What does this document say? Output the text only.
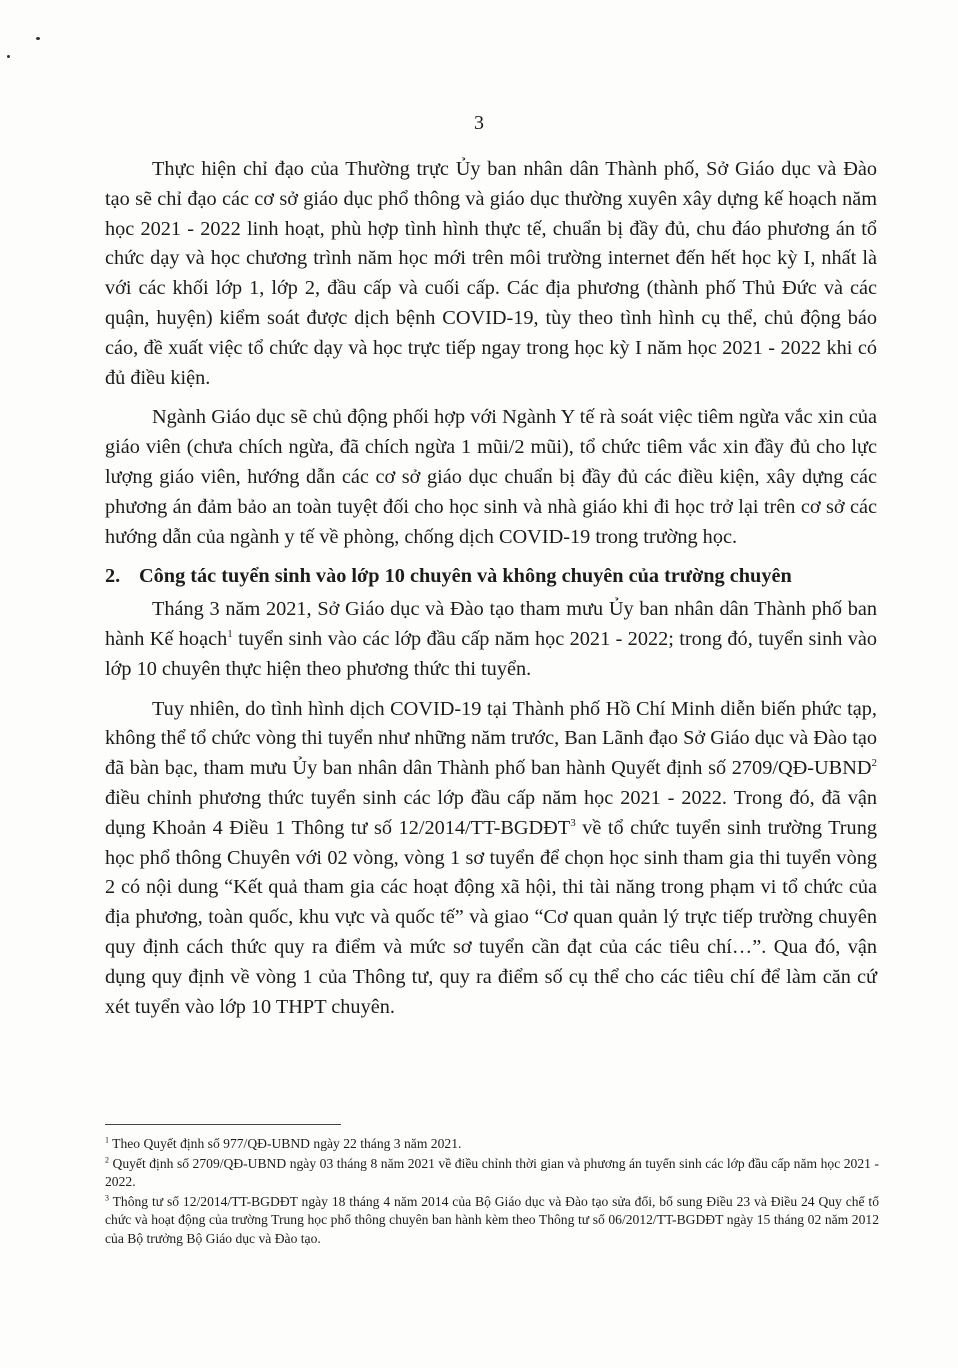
3

Thực hiện chỉ đạo của Thường trực Ủy ban nhân dân Thành phố, Sở Giáo dục và Đào tạo sẽ chỉ đạo các cơ sở giáo dục phổ thông và giáo dục thường xuyên xây dựng kế hoạch năm học 2021 - 2022 linh hoạt, phù hợp tình hình thực tế, chuẩn bị đầy đủ, chu đáo phương án tổ chức dạy và học chương trình năm học mới trên môi trường internet đến hết học kỳ I, nhất là với các khối lớp 1, lớp 2, đầu cấp và cuối cấp. Các địa phương (thành phố Thủ Đức và các quận, huyện) kiểm soát được dịch bệnh COVID-19, tùy theo tình hình cụ thể, chủ động báo cáo, đề xuất việc tổ chức dạy và học trực tiếp ngay trong học kỳ I năm học 2021 - 2022 khi có đủ điều kiện.

Ngành Giáo dục sẽ chủ động phối hợp với Ngành Y tế rà soát việc tiêm ngừa vắc xin của giáo viên (chưa chích ngừa, đã chích ngừa 1 mũi/2 mũi), tổ chức tiêm vắc xin đầy đủ cho lực lượng giáo viên, hướng dẫn các cơ sở giáo dục chuẩn bị đầy đủ các điều kiện, xây dựng các phương án đảm bảo an toàn tuyệt đối cho học sinh và nhà giáo khi đi học trở lại trên cơ sở các hướng dẫn của ngành y tế về phòng, chống dịch COVID-19 trong trường học.

2. Công tác tuyển sinh vào lớp 10 chuyên và không chuyên của trường chuyên

Tháng 3 năm 2021, Sở Giáo dục và Đào tạo tham mưu Ủy ban nhân dân Thành phố ban hành Kế hoạch$^1$ tuyển sinh vào các lớp đầu cấp năm học 2021 - 2022; trong đó, tuyển sinh vào lớp 10 chuyên thực hiện theo phương thức thi tuyển.

Tuy nhiên, do tình hình dịch COVID-19 tại Thành phố Hồ Chí Minh diễn biến phức tạp, không thể tổ chức vòng thi tuyển như những năm trước, Ban Lãnh đạo Sở Giáo dục và Đào tạo đã bàn bạc, tham mưu Ủy ban nhân dân Thành phố ban hành Quyết định số 2709/QĐ-UBND$^2$ điều chỉnh phương thức tuyển sinh các lớp đầu cấp năm học 2021 - 2022. Trong đó, đã vận dụng Khoản 4 Điều 1 Thông tư số 12/2014/TT-BGDĐT$^3$ về tổ chức tuyển sinh trường Trung học phổ thông Chuyên với 02 vòng, vòng 1 sơ tuyển để chọn học sinh tham gia thi tuyển vòng 2 có nội dung “Kết quả tham gia các hoạt động xã hội, thi tài năng trong phạm vi tổ chức của địa phương, toàn quốc, khu vực và quốc tế” và giao “Cơ quan quản lý trực tiếp trường chuyên quy định cách thức quy ra điểm và mức sơ tuyển cần đạt của các tiêu chí…”. Qua đó, vận dụng quy định về vòng 1 của Thông tư, quy ra điểm số cụ thể cho các tiêu chí để làm căn cứ xét tuyển vào lớp 10 THPT chuyên.

$^1$ Theo Quyết định số 977/QĐ-UBND ngày 22 tháng 3 năm 2021.
$^2$ Quyết định số 2709/QĐ-UBND ngày 03 tháng 8 năm 2021 về điều chỉnh thời gian và phương án tuyển sinh các lớp đầu cấp năm học 2021 - 2022.
$^3$ Thông tư số 12/2014/TT-BGDĐT ngày 18 tháng 4 năm 2014 của Bộ Giáo dục và Đào tạo sửa đổi, bổ sung Điều 23 và Điều 24 Quy chế tổ chức và hoạt động của trường Trung học phổ thông chuyên ban hành kèm theo Thông tư số 06/2012/TT-BGDĐT ngày 15 tháng 02 năm 2012 của Bộ trưởng Bộ Giáo dục và Đào tạo.
